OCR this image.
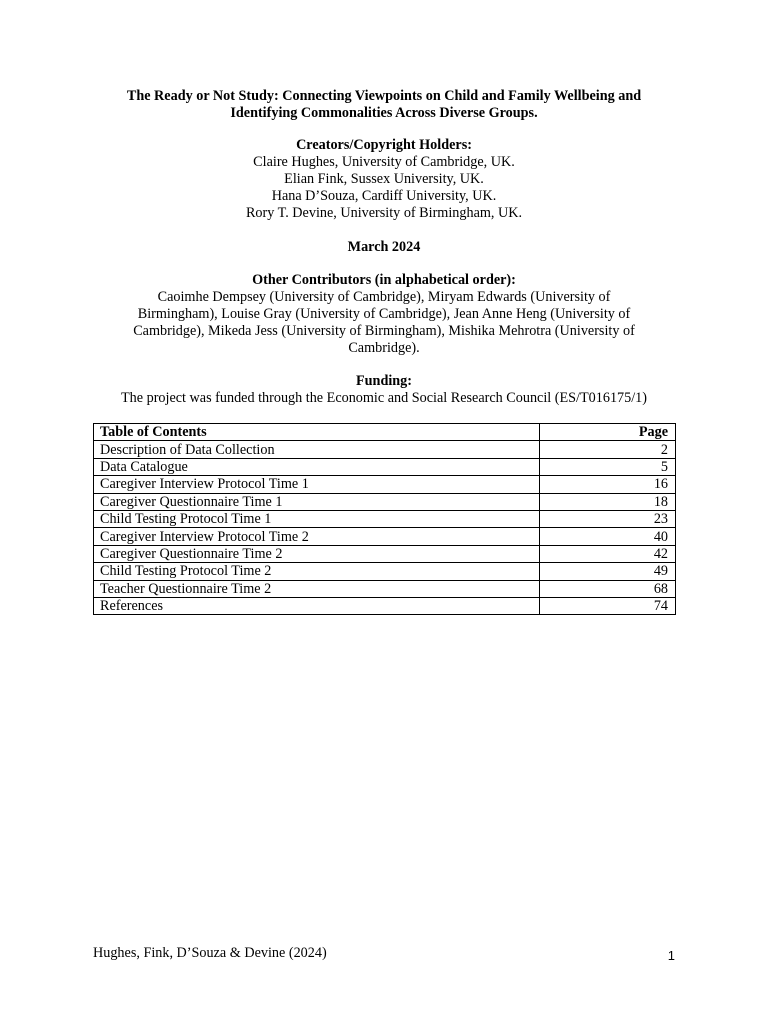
The Ready or Not Study: Connecting Viewpoints on Child and Family Wellbeing and
Identifying Commonalities Across Diverse Groups.
Creators/Copyright Holders:
Claire Hughes, University of Cambridge, UK.
Elian Fink, Sussex University, UK.
Hana D’Souza, Cardiff University, UK.
Rory T. Devine, University of Birmingham, UK.
March 2024
Other Contributors (in alphabetical order):
Caoimhe Dempsey (University of Cambridge), Miryam Edwards (University of
Birmingham), Louise Gray (University of Cambridge), Jean Anne Heng (University of
Cambridge), Mikeda Jess (University of Birmingham), Mishika Mehrotra (University of
Cambridge).
Funding:
The project was funded through the Economic and Social Research Council (ES/T016175/1)
Table of Contents	Page
Description of Data Collection	2
Data Catalogue	5
Caregiver Interview Protocol Time 1	16
Caregiver Questionnaire Time 1	18
Child Testing Protocol Time 1	23
Caregiver Interview Protocol Time 2	40
Caregiver Questionnaire Time 2	42
Child Testing Protocol Time 2	49
Teacher Questionnaire Time 2	68
References	74
Hughes, Fink, D’Souza & Devine (2024)	1
